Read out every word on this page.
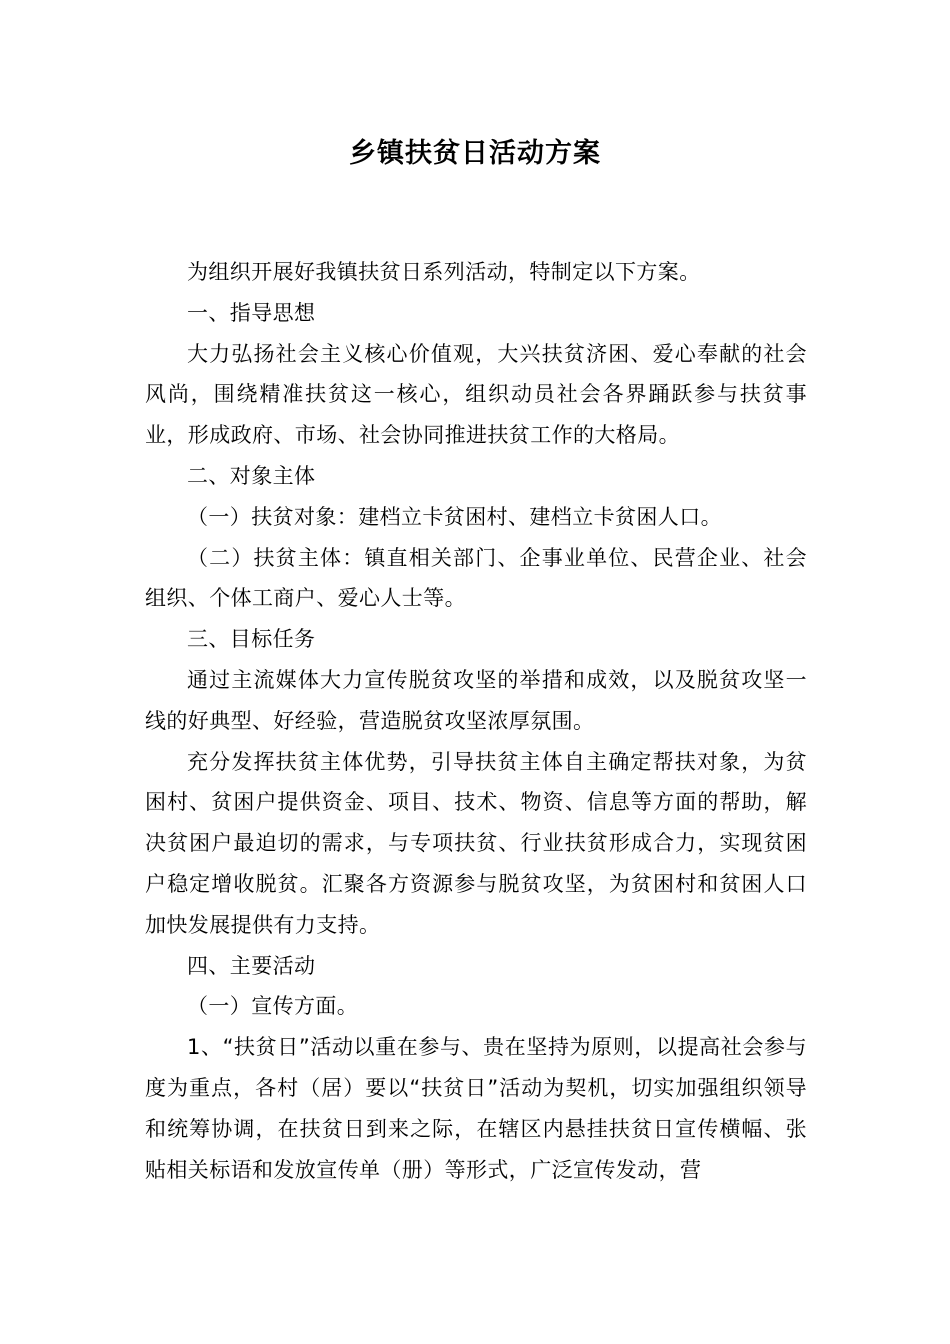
乡镇扶贫日活动方案

为组织开展好我镇扶贫日系列活动，特制定以下方案。

一、指导思想

大力弘扬社会主义核心价值观，大兴扶贫济困、爱心奉献的社会风尚，围绕精准扶贫这一核心，组织动员社会各界踊跃参与扶贫事业，形成政府、市场、社会协同推进扶贫工作的大格局。

二、对象主体

（一）扶贫对象：建档立卡贫困村、建档立卡贫困人口。

（二）扶贫主体：镇直相关部门、企事业单位、民营企业、社会组织、个体工商户、爱心人士等。

三、目标任务

通过主流媒体大力宣传脱贫攻坚的举措和成效，以及脱贫攻坚一线的好典型、好经验，营造脱贫攻坚浓厚氛围。

充分发挥扶贫主体优势，引导扶贫主体自主确定帮扶对象，为贫困村、贫困户提供资金、项目、技术、物资、信息等方面的帮助，解决贫困户最迫切的需求，与专项扶贫、行业扶贫形成合力，实现贫困户稳定增收脱贫。汇聚各方资源参与脱贫攻坚，为贫困村和贫困人口加快发展提供有力支持。

四、主要活动

（一）宣传方面。

1、“扶贫日”活动以重在参与、贵在坚持为原则，以提高社会参与度为重点，各村（居）要以“扶贫日”活动为契机，切实加强组织领导和统筹协调，在扶贫日到来之际，在辖区内悬挂扶贫日宣传横幅、张贴相关标语和发放宣传单（册）等形式，广泛宣传发动，营
